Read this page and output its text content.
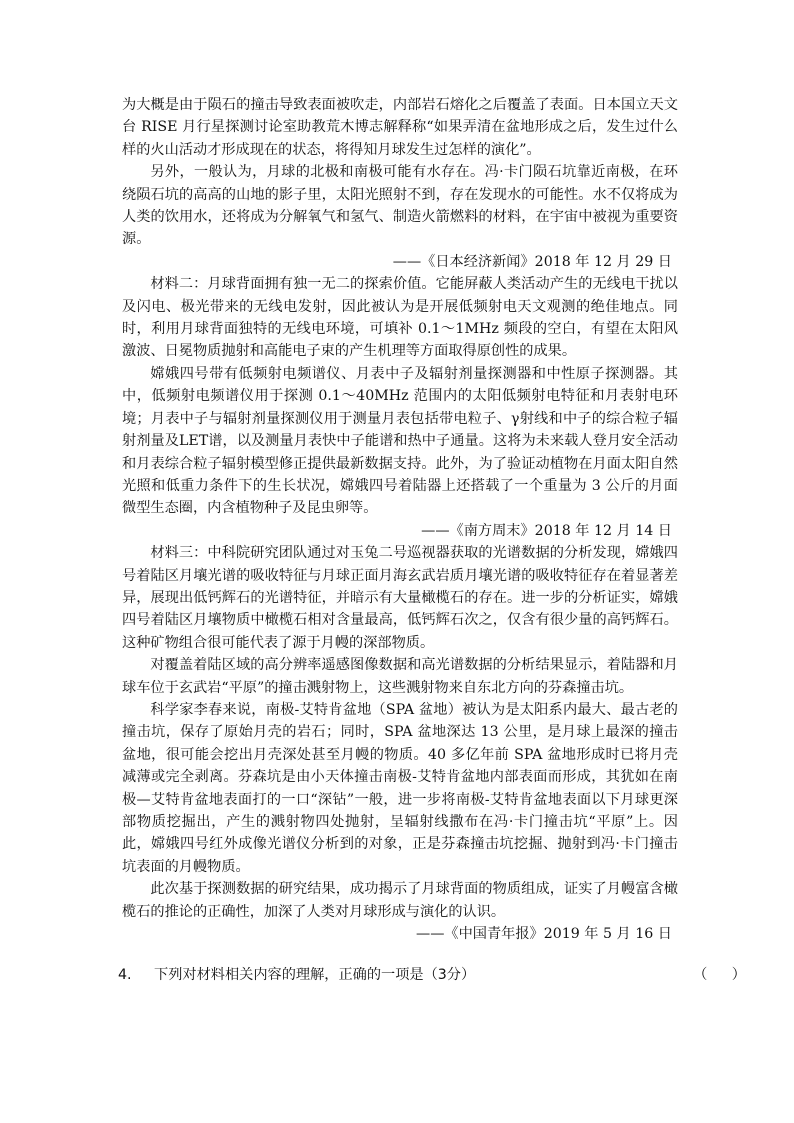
为大概是由于陨石的撞击导致表面被吹走，内部岩石熔化之后覆盖了表面。日本国立天文台 RISE 月行星探测讨论室助教荒木博志解释称“如果弄清在盆地形成之后，发生过什么样的火山活动才形成现在的状态，将得知月球发生过怎样的演化”。

另外，一般认为，月球的北极和南极可能有水存在。冯·卡门陨石坑靠近南极，在环绕陨石坑的高高的山地的影子里，太阳光照射不到，存在发现水的可能性。水不仅将成为人类的饮用水，还将成为分解氧气和氢气、制造火箭燃料的材料，在宇宙中被视为重要资源。

——《日本经济新闻》2018 年 12 月 29 日

材料二：月球背面拥有独一无二的探索价值。它能屏蔽人类活动产生的无线电干扰以及闪电、极光带来的无线电发射，因此被认为是开展低频射电天文观测的绝佳地点。同时，利用月球背面独特的无线电环境，可填补 0.1～1MHz 频段的空白，有望在太阳风激波、日冕物质抛射和高能电子束的产生机理等方面取得原创性的成果。

嫦娥四号带有低频射电频谱仪、月表中子及辐射剂量探测器和中性原子探测器。其中，低频射电频谱仪用于探测 0.1～40MHz 范围内的太阳低频射电特征和月表射电环境；月表中子与辐射剂量探测仪用于测量月表包括带电粒子、γ射线和中子的综合粒子辐射剂量及LET谱，以及测量月表快中子能谱和热中子通量。这将为未来载人登月安全活动和月表综合粒子辐射模型修正提供最新数据支持。此外，为了验证动植物在月面太阳自然光照和低重力条件下的生长状况，嫦娥四号着陆器上还搭载了一个重量为 3 公斤的月面微型生态圈，内含植物种子及昆虫卵等。

——《南方周末》2018 年 12 月 14 日

材料三：中科院研究团队通过对玉兔二号巡视器获取的光谱数据的分析发现，嫦娥四号着陆区月壤光谱的吸收特征与月球正面月海玄武岩质月壤光谱的吸收特征存在着显著差异，展现出低钙辉石的光谱特征，并暗示有大量橄榄石的存在。进一步的分析证实，嫦娥四号着陆区月壤物质中橄榄石相对含量最高，低钙辉石次之，仅含有很少量的高钙辉石。这种矿物组合很可能代表了源于月幔的深部物质。

对覆盖着陆区域的高分辨率遥感图像数据和高光谱数据的分析结果显示，着陆器和月球车位于玄武岩“平原”的撞击溅射物上，这些溅射物来自东北方向的芬森撞击坑。

科学家李春来说，南极-艾特肯盆地（SPA 盆地）被认为是太阳系内最大、最古老的撞击坑，保存了原始月壳的岩石；同时，SPA 盆地深达 13 公里，是月球上最深的撞击盆地，很可能会挖出月壳深处甚至月幔的物质。40 多亿年前 SPA 盆地形成时已将月壳减薄或完全剥离。芬森坑是由小天体撞击南极-艾特肯盆地内部表面而形成，其犹如在南极—艾特肯盆地表面打的一口“深钻”一般，进一步将南极-艾特肯盆地表面以下月球更深部物质挖掘出，产生的溅射物四处抛射，呈辐射线撒布在冯·卡门撞击坑“平原”上。因此，嫦娥四号红外成像光谱仪分析到的对象，正是芬森撞击坑挖掘、抛射到冯·卡门撞击坑表面的月幔物质。

此次基于探测数据的研究结果，成功揭示了月球背面的物质组成，证实了月幔富含橄榄石的推论的正确性，加深了人类对月球形成与演化的认识。

——《中国青年报》2019 年 5 月 16 日

4. 下列对材料相关内容的理解，正确的一项是（3分）	（ ）
